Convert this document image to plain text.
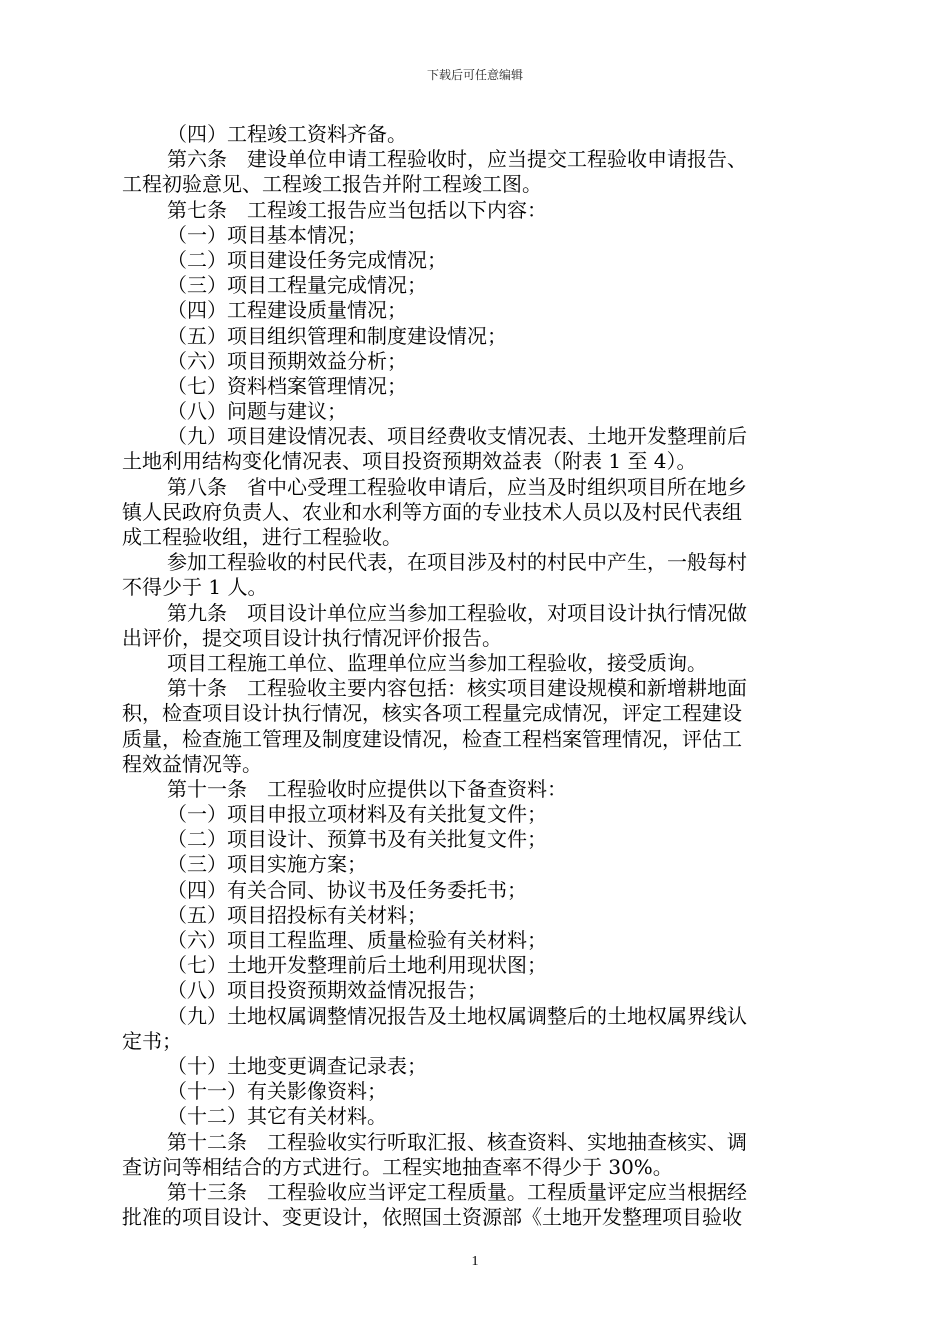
下载后可任意编辑
（四）工程竣工资料齐备。
第六条　建设单位申请工程验收时，应当提交工程验收申请报告、
工程初验意见、工程竣工报告并附工程竣工图。
第七条　工程竣工报告应当包括以下内容：
（一）项目基本情况；
（二）项目建设任务完成情况；
（三）项目工程量完成情况；
（四）工程建设质量情况；
（五）项目组织管理和制度建设情况；
（六）项目预期效益分析；
（七）资料档案管理情况；
（八）问题与建议；
（九）项目建设情况表、项目经费收支情况表、土地开发整理前后
土地利用结构变化情况表、项目投资预期效益表（附表 1 至 4）。
第八条　省中心受理工程验收申请后，应当及时组织项目所在地乡
镇人民政府负责人、农业和水利等方面的专业技术人员以及村民代表组
成工程验收组，进行工程验收。
参加工程验收的村民代表，在项目涉及村的村民中产生，一般每村
不得少于 1 人。
第九条　项目设计单位应当参加工程验收，对项目设计执行情况做
出评价，提交项目设计执行情况评价报告。
项目工程施工单位、监理单位应当参加工程验收，接受质询。
第十条　工程验收主要内容包括：核实项目建设规模和新增耕地面
积，检查项目设计执行情况，核实各项工程量完成情况，评定工程建设
质量，检查施工管理及制度建设情况，检查工程档案管理情况，评估工
程效益情况等。
第十一条　工程验收时应提供以下备查资料：
（一）项目申报立项材料及有关批复文件；
（二）项目设计、预算书及有关批复文件；
（三）项目实施方案；
（四）有关合同、协议书及任务委托书；
（五）项目招投标有关材料；
（六）项目工程监理、质量检验有关材料；
（七）土地开发整理前后土地利用现状图；
（八）项目投资预期效益情况报告；
（九）土地权属调整情况报告及土地权属调整后的土地权属界线认
定书；
（十）土地变更调查记录表；
（十一）有关影像资料；
（十二）其它有关材料。
第十二条　工程验收实行听取汇报、核查资料、实地抽查核实、调
查访问等相结合的方式进行。工程实地抽查率不得少于 30%。
第十三条　工程验收应当评定工程质量。工程质量评定应当根据经
批准的项目设计、变更设计，依照国土资源部《土地开发整理项目验收
1
